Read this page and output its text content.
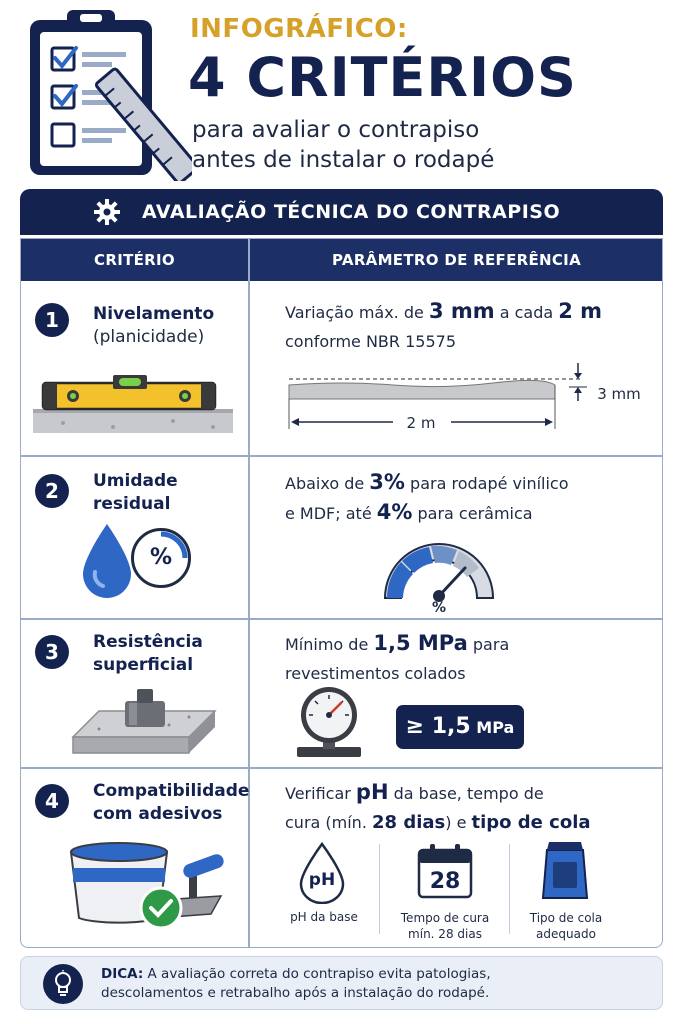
INFOGRÁFICO:
4 CRITÉRIOS
para avaliar o contrapiso
antes de instalar o rodapé
AVALIAÇÃO TÉCNICA DO CONTRAPISO
CRITÉRIO	PARÂMETRO DE REFERÊNCIA
1	Nivelamento
(planicidade)
Variação máx. de 3 mm a cada 2 m
conforme NBR 15575
3 mm
2 m
2	Umidade
residual
%
Abaixo de 3% para rodapé vinílico
e MDF; até 4% para cerâmica
%
3	Resistência
superficial
Mínimo de 1,5 MPa para
revestimentos colados
≥ 1,5 MPa
4	Compatibilidade
com adesivos
Verificar pH da base, tempo de
cura (mín. 28 dias) e tipo de cola
pH
pH da base
28
Tempo de cura
mín. 28 dias
Tipo de cola
adequado
DICA: A avaliação correta do contrapiso evita patologias,
descolamentos e retrabalho após a instalação do rodapé.
